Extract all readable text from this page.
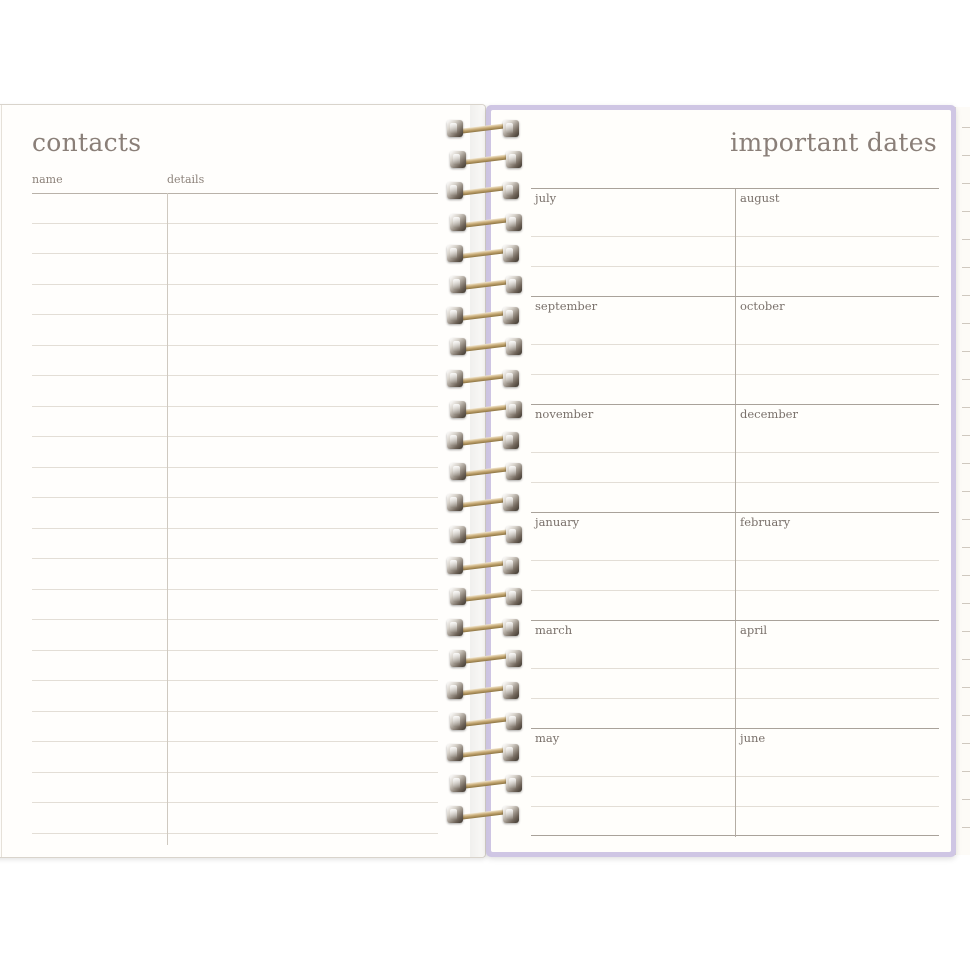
contacts
name	details
important dates
july	august
september	october
november	december
january	february
march	april
may	june
